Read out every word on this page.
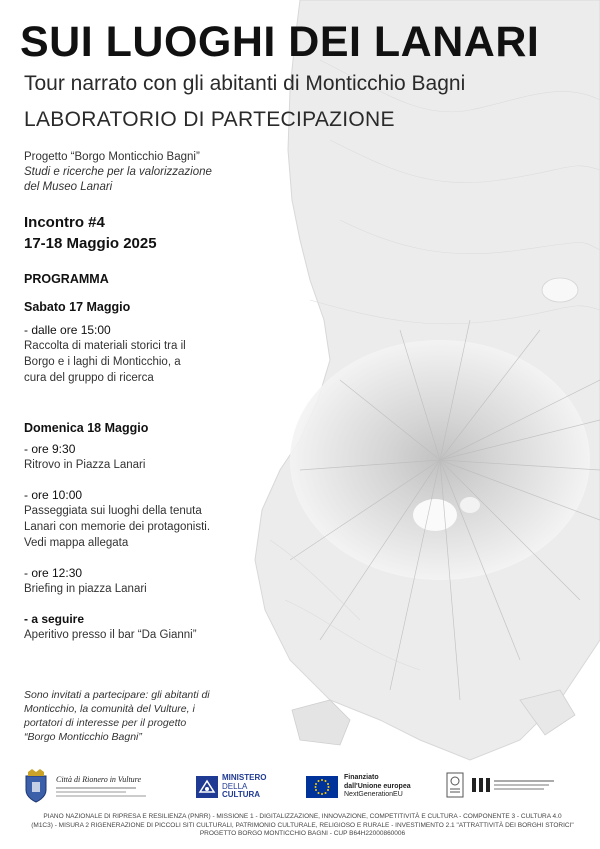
SUI LUOGHI DEI LANARI
Tour narrato con gli abitanti di Monticchio Bagni
LABORATORIO DI PARTECIPAZIONE
Progetto “Borgo Monticchio Bagni”
Studi e ricerche per la valorizzazione
del Museo Lanari
Incontro #4
17-18 Maggio 2025
PROGRAMMA
Sabato 17 Maggio
- dalle ore 15:00
Raccolta di materiali storici tra il
Borgo e i laghi di Monticchio, a
cura del gruppo di ricerca
Domenica 18 Maggio
- ore 9:30
Ritrovo in Piazza Lanari
- ore 10:00
Passeggiata sui luoghi della tenuta
Lanari con memorie dei protagonisti.
Vedi mappa allegata
- ore 12:30
Briefing in piazza Lanari
- a seguire
Aperitivo presso il bar “Da Gianni”
Sono invitati a partecipare: gli abitanti di
Monticchio, la comunità del Vulture, i
portatori di interesse per il progetto
“Borgo Monticchio Bagni”
Città di Rionero in Vulture	MINISTERO
DELLA
CULTURA
Finanziato
dall'Unione europea
NextGenerationEU
PIANO NAZIONALE DI RIPRESA E RESILIENZA (PNRR) - MISSIONE 1 - DIGITALIZZAZIONE, INNOVAZIONE, COMPETITIVITÀ E CULTURA - COMPONENTE 3 - CULTURA 4.0
(M1C3) - MISURA 2 RIGENERAZIONE DI PICCOLI SITI CULTURALI, PATRIMONIO CULTURALE, RELIGIOSO E RURALE - INVESTIMENTO 2.1 "ATTRATTIVITÀ DEI BORGHI STORICI"
PROGETTO BORGO MONTICCHIO BAGNI - CUP B64H22000860006
